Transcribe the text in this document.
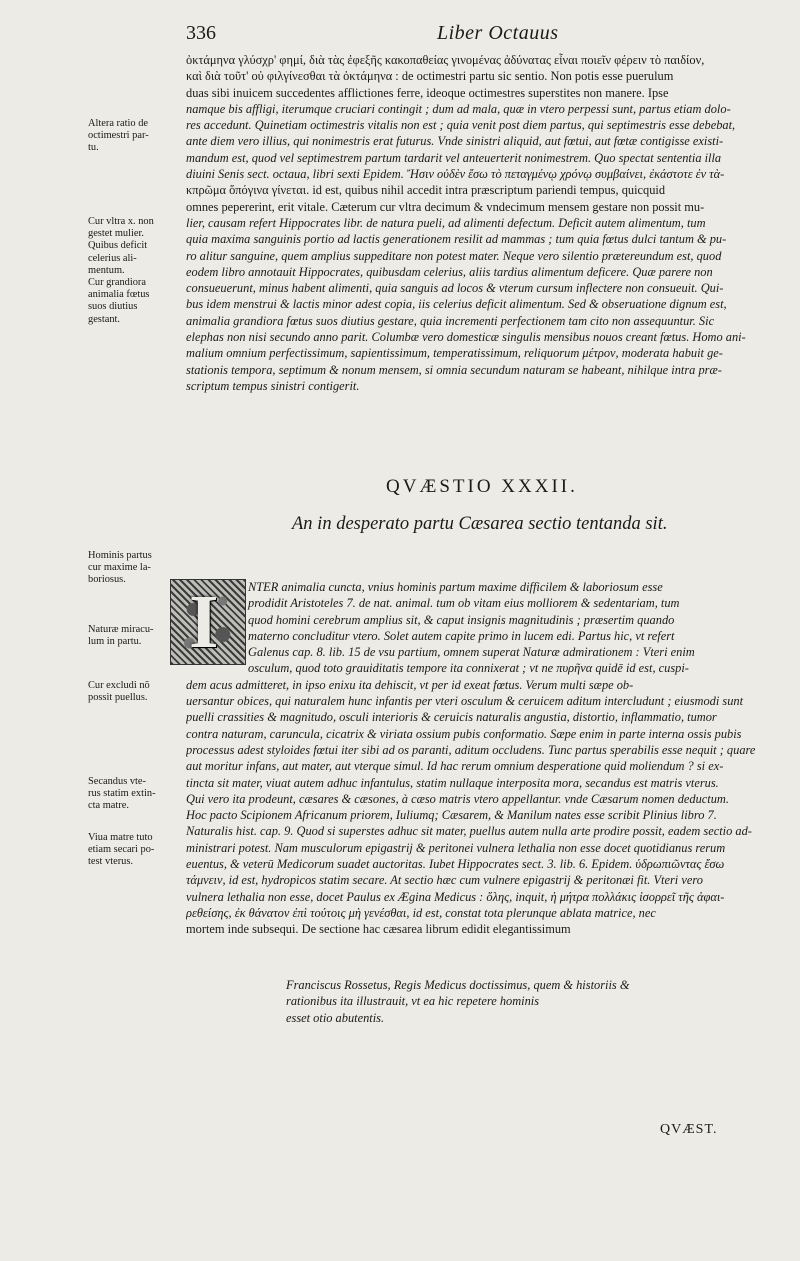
336	Liber Octauus
Altera ratio de
octimestri par-
tu.
Cur vltra x. non
gestet mulier.
Quibus deficit
celerius ali-
mentum.
Cur grandiora
animalia fœtus
suos diutius
gestant.
Hominis partus
cur maxime la-
boriosus.
Naturæ miracu-
lum in partu.
Cur excludi nõ
possit puellus.
Secandus vte-
rus statim extin-
cta matre.
Viua matre tuto
etiam secari po-
test vterus.
ὀκτάμηνα γλύσχρ' φημί, διὰ τὰς ἐφεξῆς κακοπαθείας γινομένας ἀδύνατας εἶναι ποιεῖν φέρειν τὸ παιδίον,
καὶ διὰ τοῦτ' οὐ φιλγίνεσθαι τὰ ὀκτάμηνα : de octimestri partu sic sentio. Non potis esse puerulum
duas sibi inuicem succedentes afflictiones ferre, ideoque octimestres superstites non manere. Ipse
namque bis affligi, iterumque cruciari contingit ; dum ad mala, quæ in vtero perpessi sunt, partus etiam dolo-
res accedunt. Quinetiam octimestris vitalis non est ; quia venit post diem partus, qui septimestris esse debebat,
ante diem vero illius, qui nonimestris erat futurus. Vnde sinistri aliquid, aut fœtui, aut fœtæ contigisse existi-
mandum est, quod vel septimestrem partum tardarit vel anteuerterit nonimestrem. Quo spectat sententia illa
diuini Senis sect. octaua, libri sexti Epidem. Ἤσιν οὐδὲν ἔσω τὸ πεταγμένῳ χρόνῳ συμβαίνει, ἐκάστοτε ἐν τὰ-
κπρῶμα ὅπόγινα γίνεται. id est, quibus nihil accedit intra præscriptum pariendi tempus, quicquid
omnes pepererint, erit vitale. Cæterum cur vltra decimum & vndecimum mensem gestare non possit mu-
lier, causam refert Hippocrates libr. de natura pueli, ad alimenti defectum. Deficit autem alimentum, tum
quia maxima sanguinis portio ad lactis generationem resilit ad mammas ; tum quia fœtus dulci tantum & pu-
ro alitur sanguine, quem amplius suppeditare non potest mater. Neque vero silentio prætereundum est, quod
eodem libro annotauit Hippocrates, quibusdam celerius, aliis tardius alimentum deficere. Quæ parere non
consueuerunt, minus habent alimenti, quia sanguis ad locos & vterum cursum inflectere non consueuit. Qui-
bus idem menstrui & lactis minor adest copia, iis celerius deficit alimentum. Sed & obseruatione dignum est,
animalia grandiora fœtus suos diutius gestare, quia incrementi perfectionem tam cito non assequuntur. Sic
elephas non nisi secundo anno parit. Columbæ vero domesticæ singulis mensibus nouos creant fœtus. Homo ani-
malium omnium perfectissimum, sapientissimum, temperatissimum, reliquorum μέτρον, moderata habuit ge-
stationis tempora, septimum & nonum mensem, si omnia secundum naturam se habeant, nihilque intra præ-
scriptum tempus sinistri contigerit.
QVÆSTIO XXXII.
An in desperato partu Cæsarea sectio tentanda sit.
I	NTER animalia cuncta, vnius hominis partum maxime difficilem & laboriosum esse
prodidit Aristoteles 7. de nat. animal. tum ob vitam eius molliorem & sedentariam, tum
quod homini cerebrum amplius sit, & caput insignis magnitudinis ; præsertim quando
materno concluditur vtero. Solet autem capite primo in lucem edi. Partus hic, vt refert
Galenus cap. 8. lib. 15 de vsu partium, omnem superat Naturæ admirationem : Vteri enim
osculum, quod toto grauiditatis tempore ita connixerat ; vt ne πυρῆνα quidē id est, cuspi-
dem acus admitteret, in ipso enixu ita dehiscit, vt per id exeat fœtus. Verum multi sæpe ob-
uersantur obices, qui naturalem hunc infantis per vteri osculum & ceruicem aditum intercludunt ; eiusmodi sunt
puelli crassities & magnitudo, osculi interioris & ceruicis naturalis angustia, distortio, inflammatio, tumor
contra naturam, caruncula, cicatrix & viriata ossium pubis conformatio. Sæpe enim in parte interna ossis pubis
processus adest styloides fœtui iter sibi ad os paranti, aditum occludens. Tunc partus sperabilis esse nequit ; quare
aut moritur infans, aut mater, aut vterque simul. Id hac rerum omnium desperatione quid moliendum ? si ex-
tincta sit mater, viuat autem adhuc infantulus, statim nullaque interposita mora, secandus est matris vterus.
Qui vero ita prodeunt, cæsares & cæsones, à cæso matris vtero appellantur. vnde Cæsarum nomen deductum.
Hoc pacto Scipionem Africanum priorem, Iuliumq; Cæsarem, & Manilum nates esse scribit Plinius libro 7.
Naturalis hist. cap. 9. Quod si superstes adhuc sit mater, puellus autem nulla arte prodire possit, eadem sectio ad-
ministrari potest. Nam musculorum epigastrij & peritonei vulnera lethalia non esse docet quotidianus rerum
euentus, & veterū Medicorum suadet auctoritas. Iubet Hippocrates sect. 3. lib. 6. Epidem. ὑδρωπιῶντας ἔσω
τάμνειν, id est, hydropicos statim secare. At sectio hæc cum vulnere epigastrij & peritonæi fit. Vteri vero
vulnera lethalia non esse, docet Paulus ex Ægina Medicus : ὅλης, inquit, ἡ μήτρα πολλάκις ἰσορρεῖ τῆς ἀφαι-
ρεθείσης, ἐκ θάνατον ἐπὶ τούτοις μὴ γενέσθαι, id est, constat tota plerunque ablata matrice, nec
mortem inde subsequi. De sectione hac cæsarea librum edidit elegantissimum
Franciscus Rossetus, Regis Medicus doctissimus, quem & historiis &
rationibus ita illustrauit, vt ea hic repetere hominis
esset otio abutentis.
QVÆST.
